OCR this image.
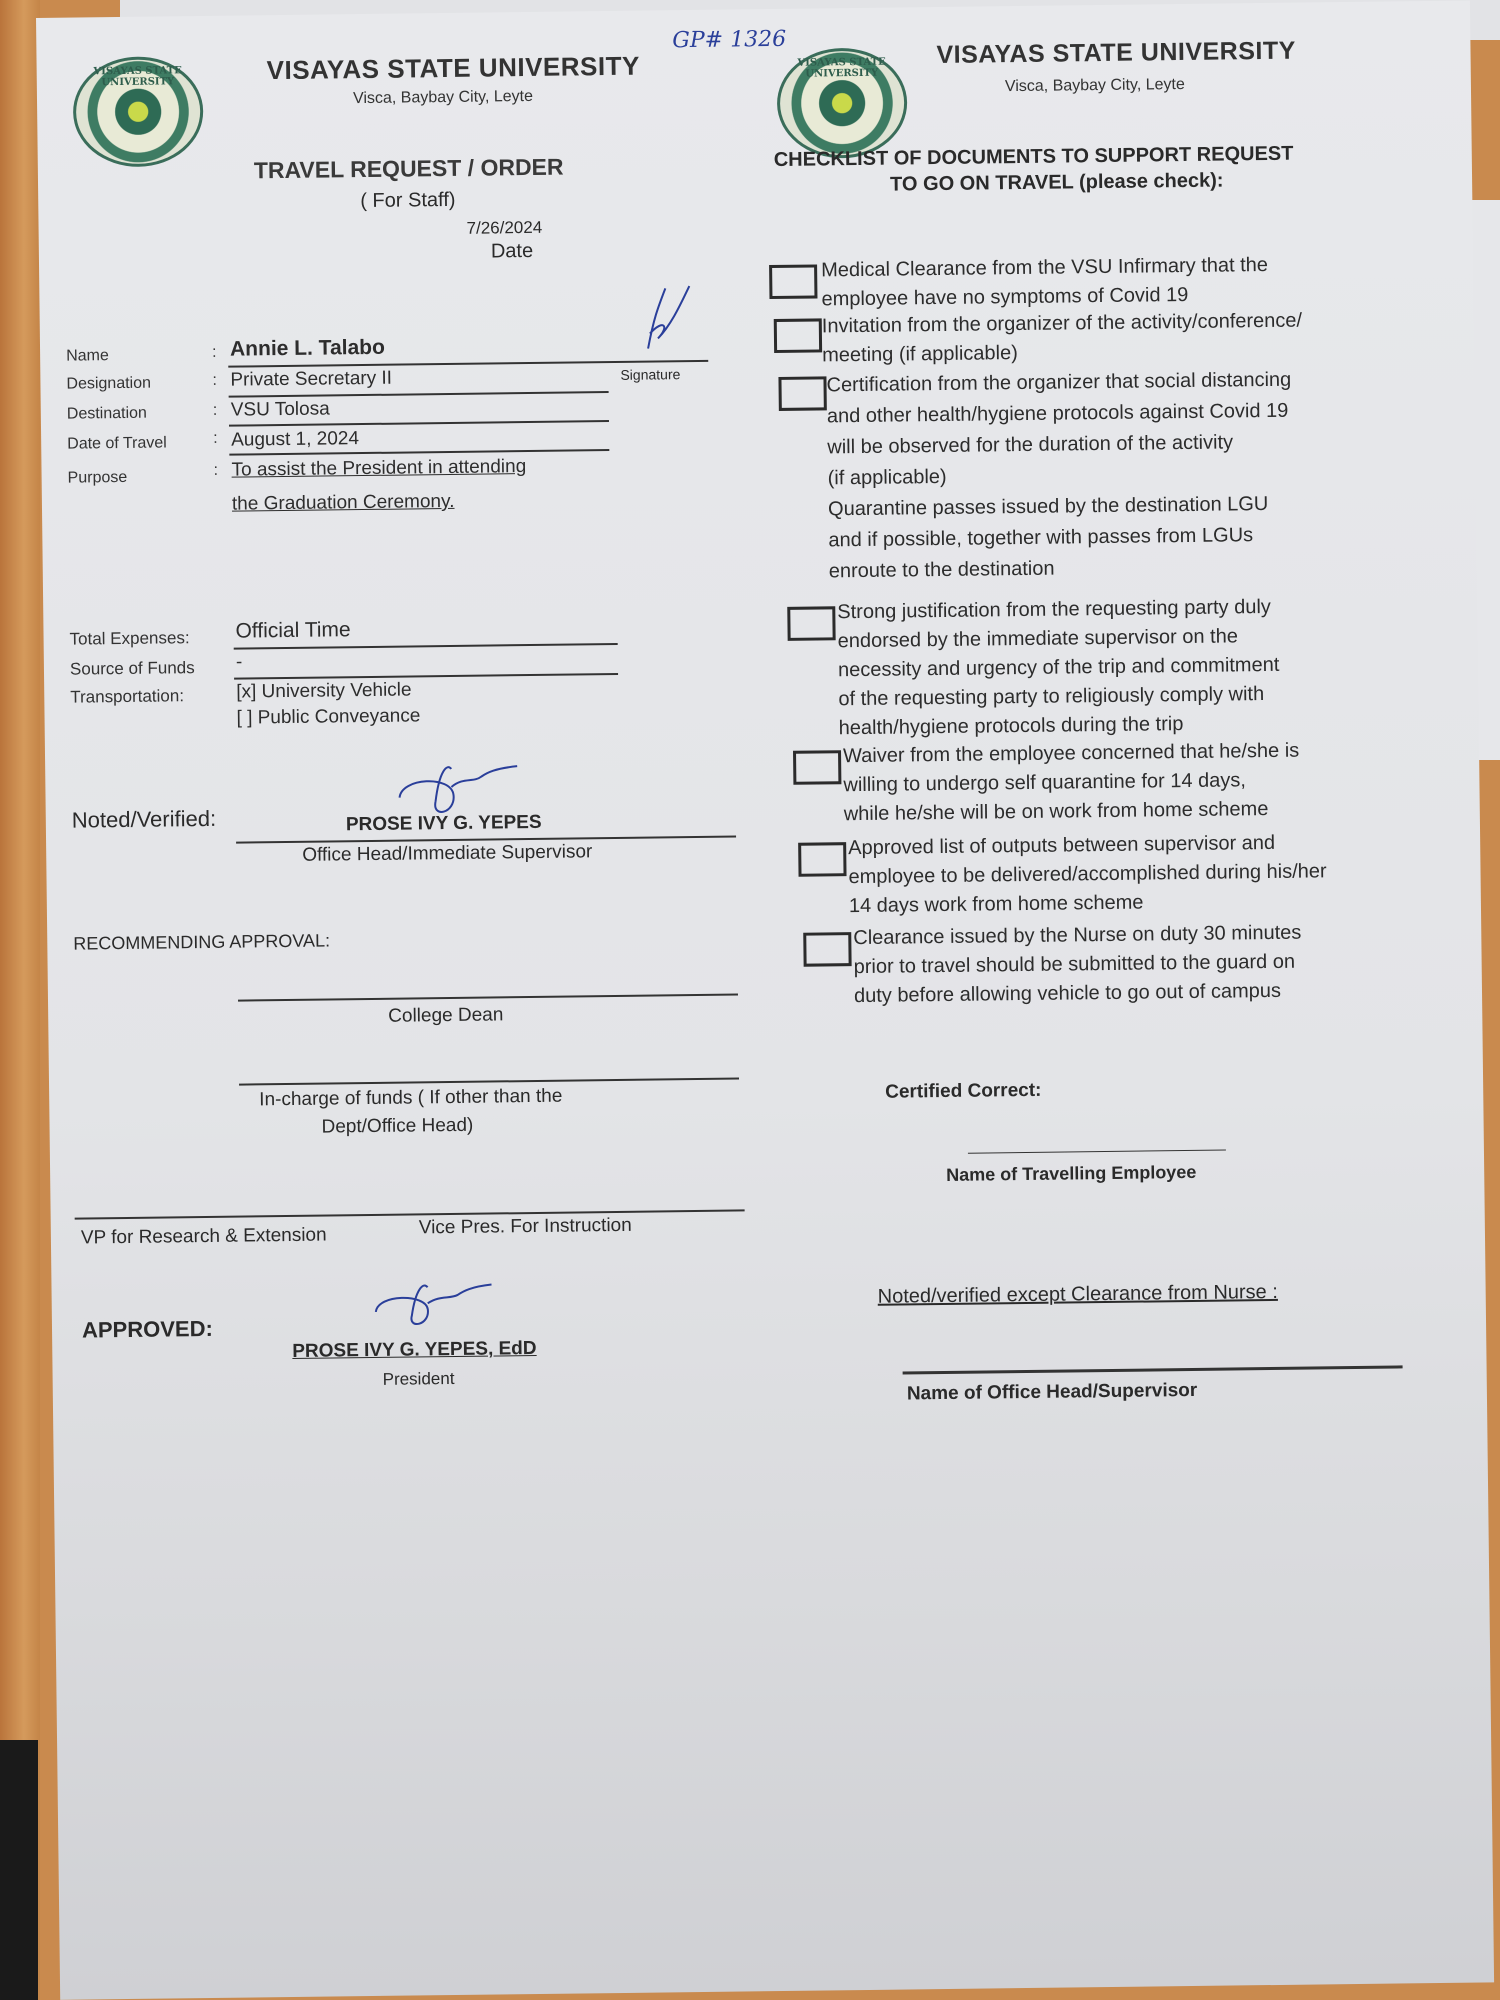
VISAYAS STATE UNIVERSITY	VISAYAS STATE UNIVERSITY
Visca, Baybay City, Leyte
GP# 1326
TRAVEL REQUEST / ORDER
( For Staff)
7/26/2024
Date
Name	: Annie L. Talabo
Signature
Designation	: Private Secretary II
Destination	: VSU Tolosa
Date of Travel	: August 1, 2024
Purpose	: To assist the President in attending
the Graduation Ceremony.
Total Expenses: Official Time
Source of Funds -
Transportation:	[x] University Vehicle
[ ] Public Conveyance
Noted/Verified:	PROSE IVY G. YEPES
Office Head/Immediate Supervisor
RECOMMENDING APPROVAL:
College Dean
In-charge of funds ( If other than the
Dept/Office Head)
VP for Research & Extension	Vice Pres. For Instruction
APPROVED:
PROSE IVY G. YEPES, EdD
President
VISAYAS STATE UNIVERSITY
VISAYAS STATE UNIVERSITY
Visca, Baybay City, Leyte
CHECKLIST OF DOCUMENTS TO SUPPORT REQUEST
TO GO ON TRAVEL (please check):
Medical Clearance from the VSU Infirmary that the
employee have no symptoms of Covid 19
Invitation from the organizer of the activity/conference/
meeting (if applicable)
Certification from the organizer that social distancing
and other health/hygiene protocols against Covid 19
will be observed for the duration of the activity
(if applicable)
Quarantine passes issued by the destination LGU
and if possible, together with passes from LGUs
enroute to the destination
Strong justification from the requesting party duly
endorsed by the immediate supervisor on the
necessity and urgency of the trip and commitment
of the requesting party to religiously comply with
health/hygiene protocols during the trip
Waiver from the employee concerned that he/she is
willing to undergo self quarantine for 14 days,
while he/she will be on work from home scheme
Approved list of outputs between supervisor and
employee to be delivered/accomplished during his/her
14 days work from home scheme
Clearance issued by the Nurse on duty 30 minutes
prior to travel should be submitted to the guard on
duty before allowing vehicle to go out of campus
Certified Correct:
Name of Travelling Employee
Noted/verified except Clearance from Nurse :
Name of Office Head/Supervisor
